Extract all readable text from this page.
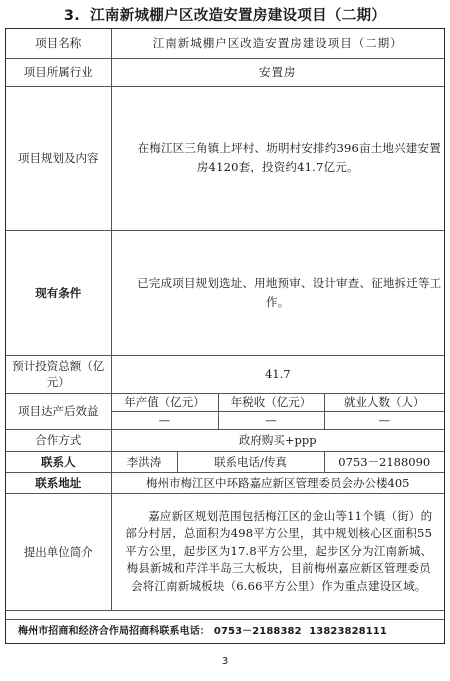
3. 江南新城棚户区改造安置房建设项目（二期）
项目名称	江南新城棚户区改造安置房建设项目（二期）			
项目所属行业	安置房			
项目规划及内容	在梅江区三角镇上坪村、坜明村安排约396亩土地兴建安置房4120套，投资约41.7亿元。			
现有条件	已完成项目规划选址、用地预审、设计审查、征地拆迁等工作。			
预计投资总额（亿元）	41.7			
项目达产后效益	年产值（亿元）		年税收（亿元）	就业人数（人）
	—		—	—
合作方式	政府购买+ppp			
联系人	李洪涛	联系电话/传真		0753－2188090
联系地址	梅州市梅江区中环路嘉应新区管理委员会办公楼405			
提出单位简介	嘉应新区规划范围包括梅江区的金山等11个镇（街）的部分村居，总面积为498平方公里，其中规划核心区面积55平方公里，起步区为17.8平方公里，起步区分为江南新城、梅县新城和芹洋半岛三大板块，目前梅州嘉应新区管理委员会将江南新城板块（6.66平方公里）作为重点建设区域。			
梅州市招商和经济合作局招商科联系电话： 0753－2188382 13823828111
3
